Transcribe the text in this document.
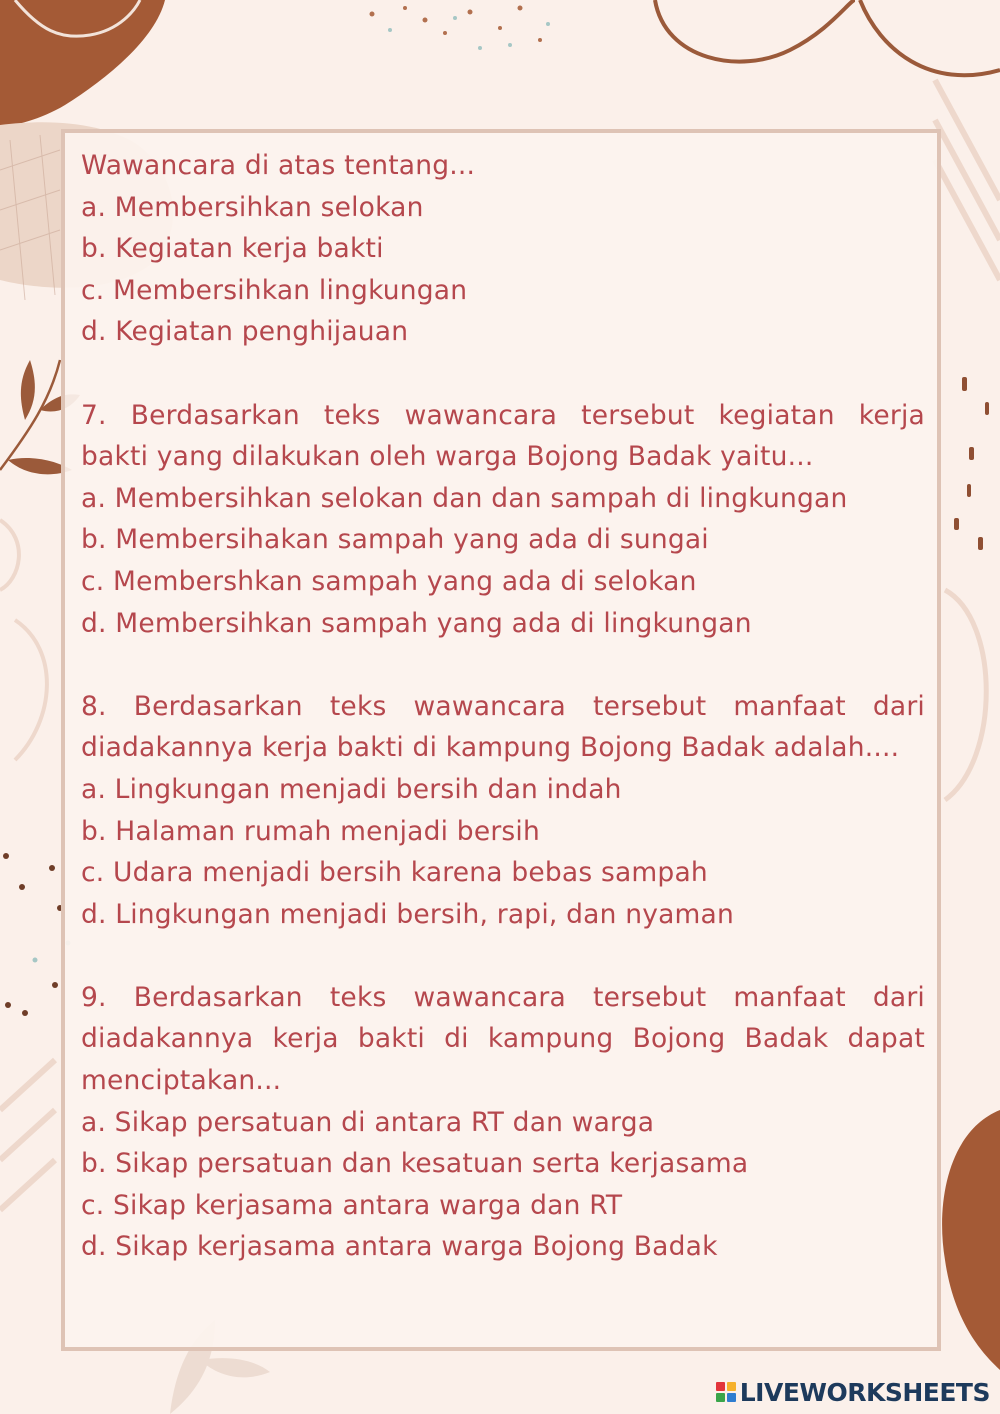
Wawancara di atas tentang...
a. Membersihkan selokan
b. Kegiatan kerja bakti
c. Membersihkan lingkungan
d. Kegiatan penghijauan
7. Berdasarkan teks wawancara tersebut kegiatan kerja
bakti yang dilakukan oleh warga Bojong Badak yaitu...
a. Membersihkan selokan dan dan sampah di lingkungan
b. Membersihakan sampah yang ada di sungai
c. Membershkan sampah yang ada di selokan
d. Membersihkan sampah yang ada di lingkungan
8. Berdasarkan teks wawancara tersebut manfaat dari
diadakannya kerja bakti di kampung Bojong Badak adalah....
a. Lingkungan menjadi bersih dan indah
b. Halaman rumah menjadi bersih
c. Udara menjadi bersih karena bebas sampah
d. Lingkungan menjadi bersih, rapi, dan nyaman
9. Berdasarkan teks wawancara tersebut manfaat dari
diadakannya kerja bakti di kampung Bojong Badak dapat
menciptakan...
a. Sikap persatuan di antara RT dan warga
b. Sikap persatuan dan kesatuan serta kerjasama
c. Sikap kerjasama antara warga dan RT
d. Sikap kerjasama antara warga Bojong Badak
LIVEWORKSHEETS
